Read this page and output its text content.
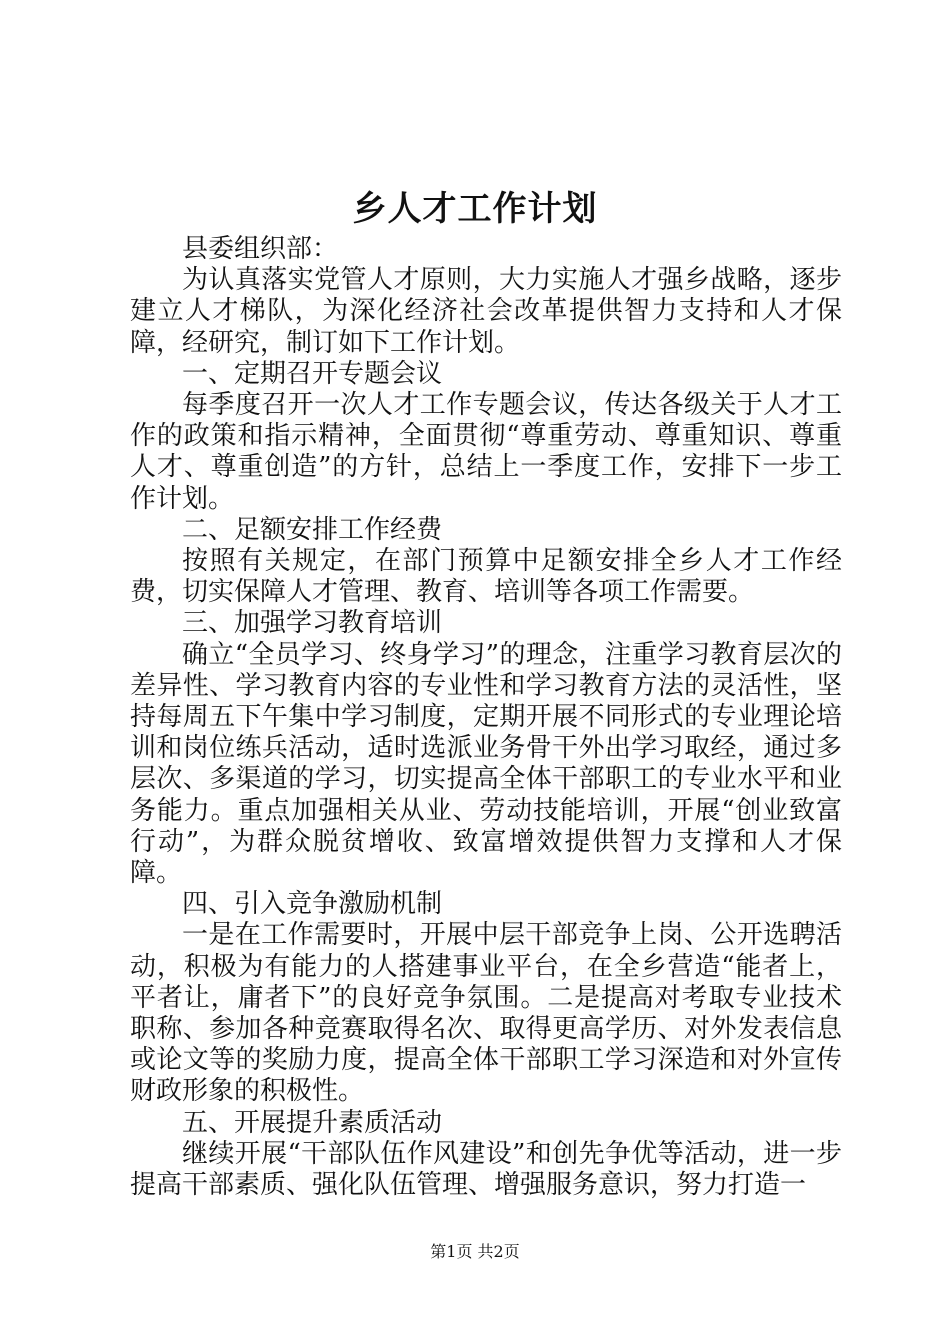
乡人才工作计划

县委组织部：

为认真落实党管人才原则，大力实施人才强乡战略，逐步建立人才梯队，为深化经济社会改革提供智力支持和人才保障，经研究，制订如下工作计划。

一、定期召开专题会议

每季度召开一次人才工作专题会议，传达各级关于人才工作的政策和指示精神，全面贯彻“尊重劳动、尊重知识、尊重人才、尊重创造”的方针，总结上一季度工作，安排下一步工作计划。

二、足额安排工作经费

按照有关规定，在部门预算中足额安排全乡人才工作经费，切实保障人才管理、教育、培训等各项工作需要。

三、加强学习教育培训

确立“全员学习、终身学习”的理念，注重学习教育层次的差异性、学习教育内容的专业性和学习教育方法的灵活性，坚持每周五下午集中学习制度，定期开展不同形式的专业理论培训和岗位练兵活动，适时选派业务骨干外出学习取经，通过多层次、多渠道的学习，切实提高全体干部职工的专业水平和业务能力。重点加强相关从业、劳动技能培训，开展“创业致富行动”，为群众脱贫增收、致富增效提供智力支撑和人才保障。

四、引入竞争激励机制

一是在工作需要时，开展中层干部竞争上岗、公开选聘活动，积极为有能力的人搭建事业平台，在全乡营造“能者上，平者让，庸者下”的良好竞争氛围。二是提高对考取专业技术职称、参加各种竞赛取得名次、取得更高学历、对外发表信息或论文等的奖励力度，提高全体干部职工学习深造和对外宣传财政形象的积极性。

五、开展提升素质活动

继续开展“干部队伍作风建设”和创先争优等活动，进一步提高干部素质、强化队伍管理、增强服务意识，努力打造一

第1页 共2页
